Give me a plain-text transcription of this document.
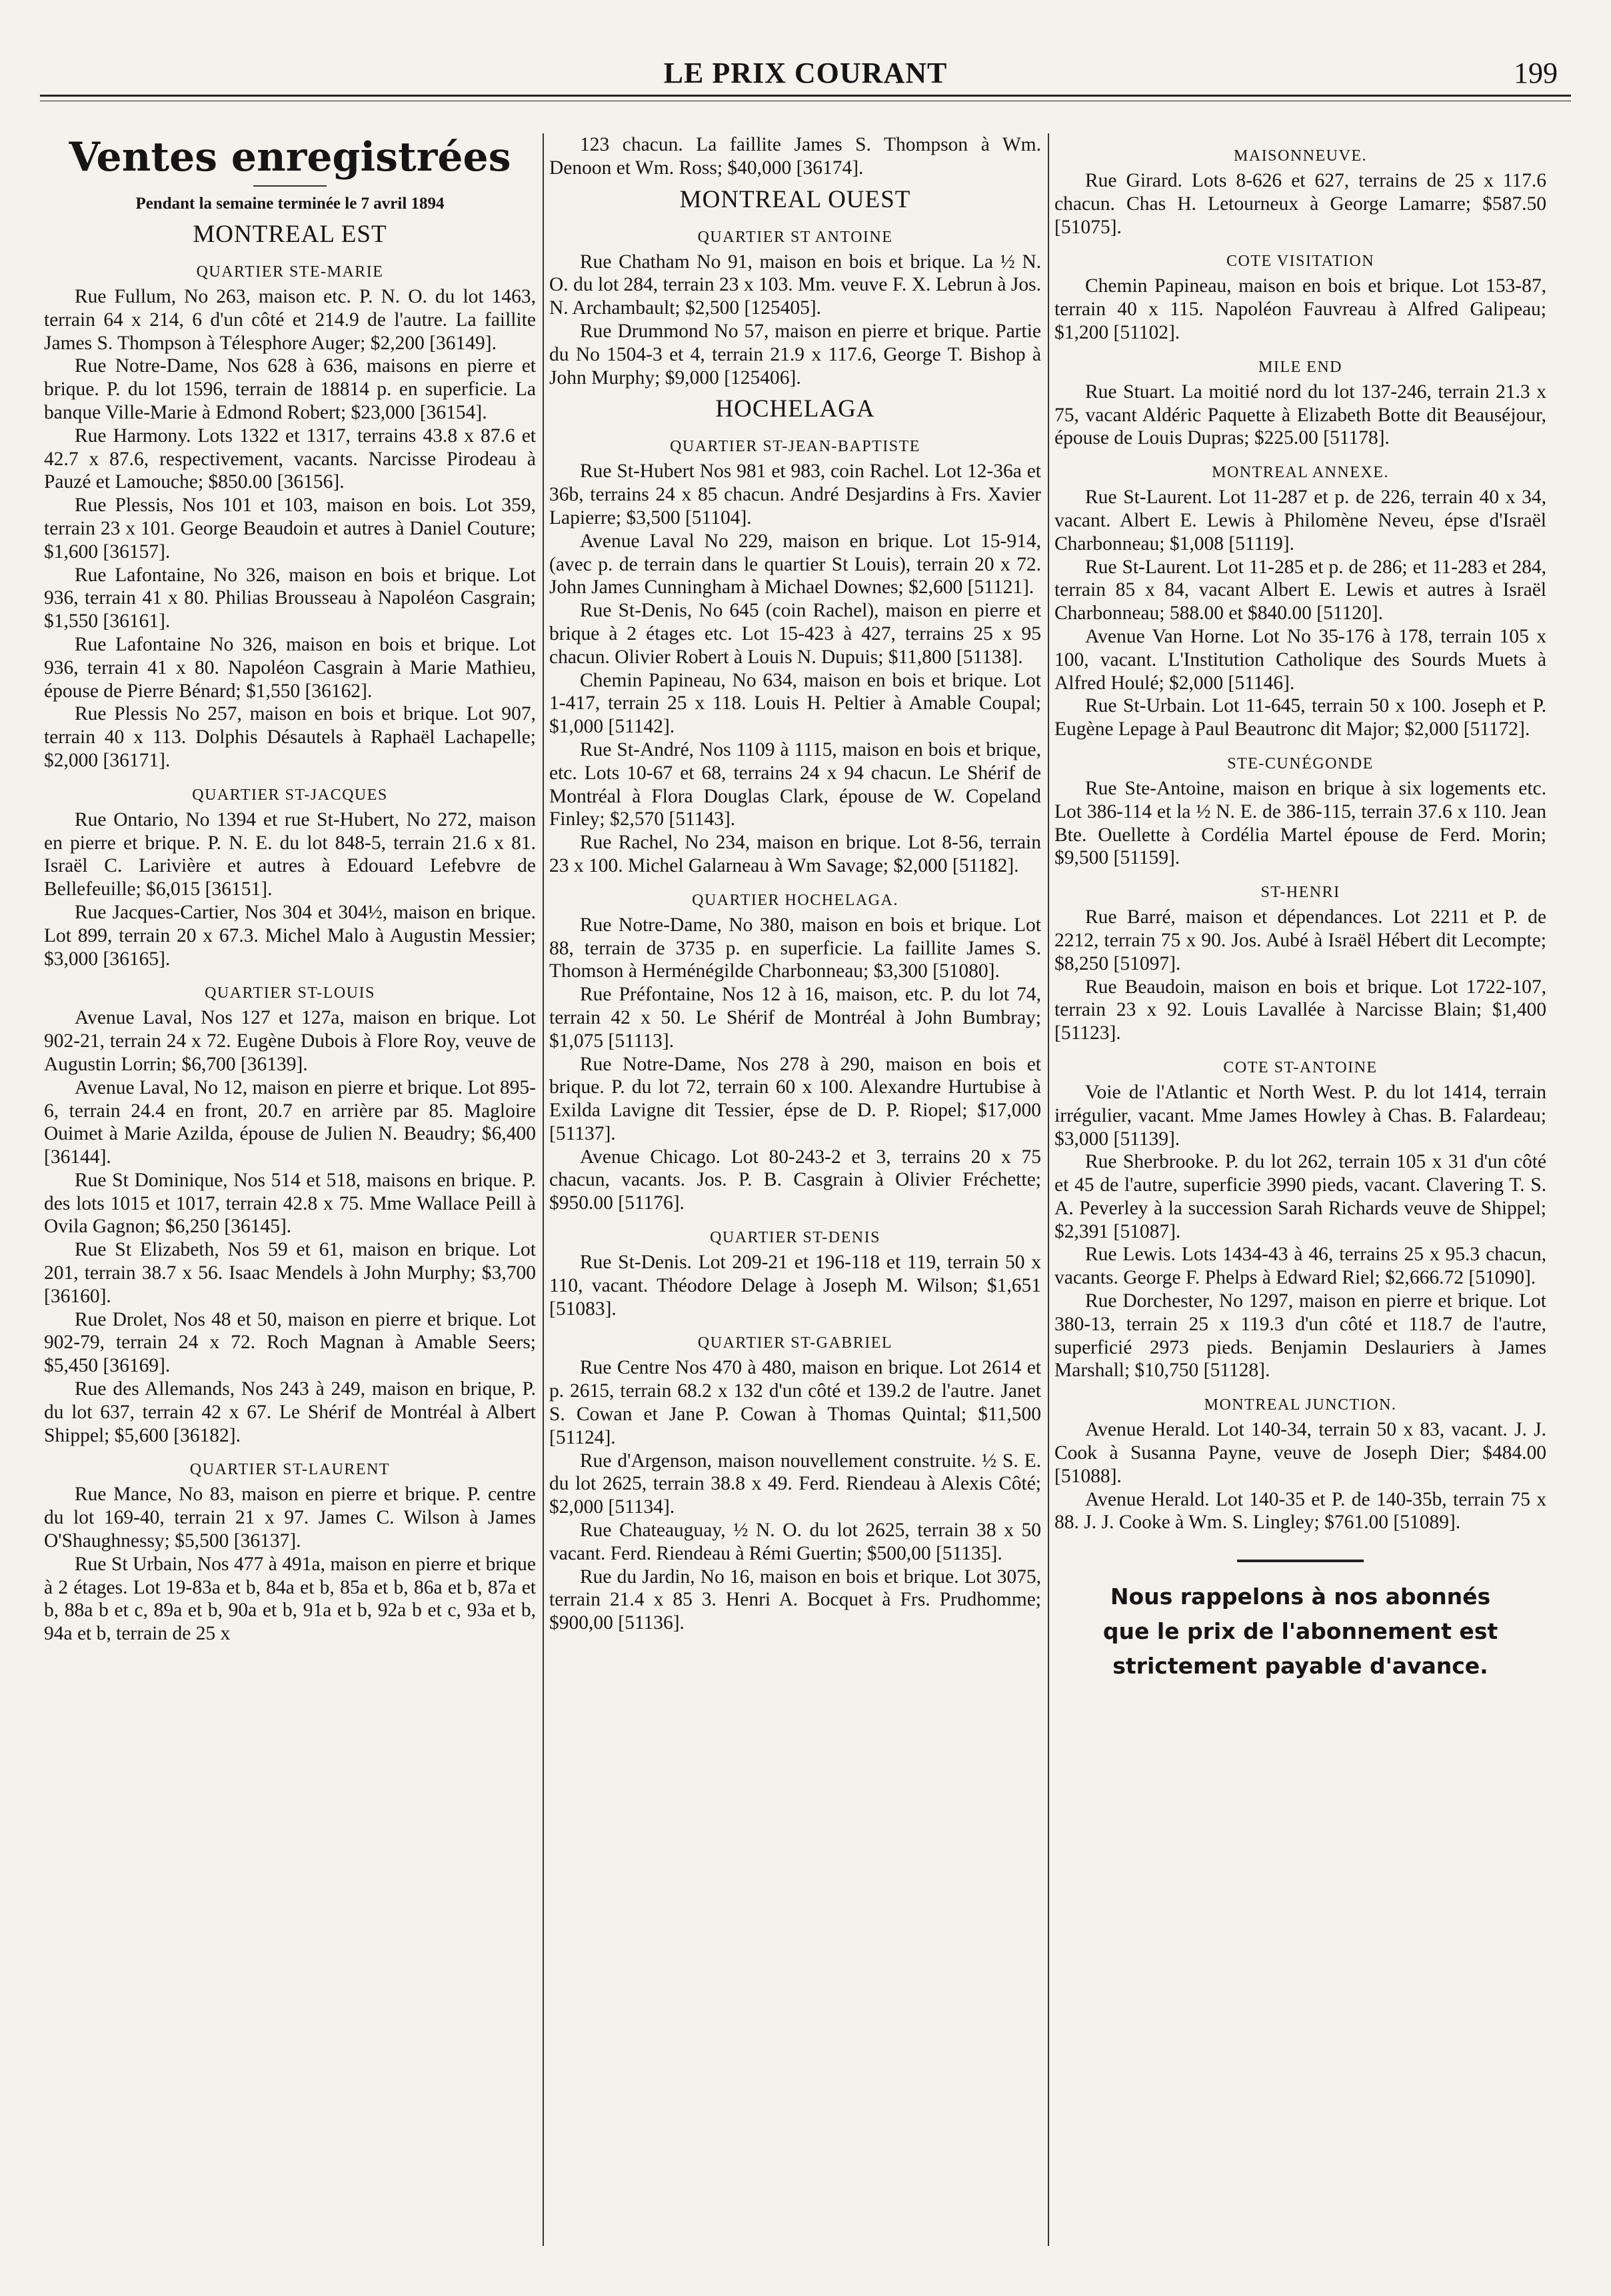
LE PRIX COURANT	199
Ventes enregistrées
Pendant la semaine terminée le 7 avril 1894
MONTREAL EST
QUARTIER STE-MARIE

Rue Fullum, No 263, maison etc. P. N. O. du lot 1463, terrain 64 x 214, 6 d'un côté et 214.9 de l'autre. La faillite James S. Thompson à Télesphore Auger; $2,200 [36149].

Rue Notre-Dame, Nos 628 à 636, maisons en pierre et brique. P. du lot 1596, terrain de 18814 p. en superficie. La banque Ville-Marie à Edmond Robert; $23,000 [36154].

Rue Harmony. Lots 1322 et 1317, terrains 43.8 x 87.6 et 42.7 x 87.6, respectivement, vacants. Narcisse Pirodeau à Pauzé et Lamouche; $850.00 [36156].

Rue Plessis, Nos 101 et 103, maison en bois. Lot 359, terrain 23 x 101. George Beaudoin et autres à Daniel Couture; $1,600 [36157].

Rue Lafontaine, No 326, maison en bois et brique. Lot 936, terrain 41 x 80. Philias Brousseau à Napoléon Casgrain; $1,550 [36161].

Rue Lafontaine No 326, maison en bois et brique. Lot 936, terrain 41 x 80. Napoléon Casgrain à Marie Mathieu, épouse de Pierre Bénard; $1,550 [36162].

Rue Plessis No 257, maison en bois et brique. Lot 907, terrain 40 x 113. Dolphis Désautels à Raphaël Lachapelle; $2,000 [36171].

QUARTIER ST-JACQUES

Rue Ontario, No 1394 et rue St-Hubert, No 272, maison en pierre et brique. P. N. E. du lot 848-5, terrain 21.6 x 81. Israël C. Larivière et autres à Edouard Lefebvre de Bellefeuille; $6,015 [36151].

Rue Jacques-Cartier, Nos 304 et 304½, maison en brique. Lot 899, terrain 20 x 67.3. Michel Malo à Augustin Messier; $3,000 [36165].

QUARTIER ST-LOUIS

Avenue Laval, Nos 127 et 127a, maison en brique. Lot 902-21, terrain 24 x 72. Eugène Dubois à Flore Roy, veuve de Augustin Lorrin; $6,700 [36139].

Avenue Laval, No 12, maison en pierre et brique. Lot 895-6, terrain 24.4 en front, 20.7 en arrière par 85. Magloire Ouimet à Marie Azilda, épouse de Julien N. Beaudry; $6,400 [36144].

Rue St Dominique, Nos 514 et 518, maisons en brique. P. des lots 1015 et 1017, terrain 42.8 x 75. Mme Wallace Peill à Ovila Gagnon; $6,250 [36145].

Rue St Elizabeth, Nos 59 et 61, maison en brique. Lot 201, terrain 38.7 x 56. Isaac Mendels à John Murphy; $3,700 [36160].

Rue Drolet, Nos 48 et 50, maison en pierre et brique. Lot 902-79, terrain 24 x 72. Roch Magnan à Amable Seers; $5,450 [36169].

Rue des Allemands, Nos 243 à 249, maison en brique, P. du lot 637, terrain 42 x 67. Le Shérif de Montréal à Albert Shippel; $5,600 [36182].

QUARTIER ST-LAURENT

Rue Mance, No 83, maison en pierre et brique. P. centre du lot 169-40, terrain 21 x 97. James C. Wilson à James O'Shaughnessy; $5,500 [36137].

Rue St Urbain, Nos 477 à 491a, maison en pierre et brique à 2 étages. Lot 19-83a et b, 84a et b, 85a et b, 86a et b, 87a et b, 88a b et c, 89a et b, 90a et b, 91a et b, 92a b et c, 93a et b, 94a et b, terrain de 25 x

123 chacun. La faillite James S. Thompson à Wm. Denoon et Wm. Ross; $40,000 [36174].

MONTREAL OUEST
QUARTIER ST ANTOINE

Rue Chatham No 91, maison en bois et brique. La ½ N. O. du lot 284, terrain 23 x 103. Mm. veuve F. X. Lebrun à Jos. N. Archambault; $2,500 [125405].

Rue Drummond No 57, maison en pierre et brique. Partie du No 1504-3 et 4, terrain 21.9 x 117.6, George T. Bishop à John Murphy; $9,000 [125406].

HOCHELAGA
QUARTIER ST-JEAN-BAPTISTE

Rue St-Hubert Nos 981 et 983, coin Rachel. Lot 12-36a et 36b, terrains 24 x 85 chacun. André Desjardins à Frs. Xavier Lapierre; $3,500 [51104].

Avenue Laval No 229, maison en brique. Lot 15-914, (avec p. de terrain dans le quartier St Louis), terrain 20 x 72. John James Cunningham à Michael Downes; $2,600 [51121].

Rue St-Denis, No 645 (coin Rachel), maison en pierre et brique à 2 étages etc. Lot 15-423 à 427, terrains 25 x 95 chacun. Olivier Robert à Louis N. Dupuis; $11,800 [51138].

Chemin Papineau, No 634, maison en bois et brique. Lot 1-417, terrain 25 x 118. Louis H. Peltier à Amable Coupal; $1,000 [51142].

Rue St-André, Nos 1109 à 1115, maison en bois et brique, etc. Lots 10-67 et 68, terrains 24 x 94 chacun. Le Shérif de Montréal à Flora Douglas Clark, épouse de W. Copeland Finley; $2,570 [51143].

Rue Rachel, No 234, maison en brique. Lot 8-56, terrain 23 x 100. Michel Galarneau à Wm Savage; $2,000 [51182].

QUARTIER HOCHELAGA.

Rue Notre-Dame, No 380, maison en bois et brique. Lot 88, terrain de 3735 p. en superficie. La faillite James S. Thomson à Herménégilde Charbonneau; $3,300 [51080].

Rue Préfontaine, Nos 12 à 16, maison, etc. P. du lot 74, terrain 42 x 50. Le Shérif de Montréal à John Bumbray; $1,075 [51113].

Rue Notre-Dame, Nos 278 à 290, maison en bois et brique. P. du lot 72, terrain 60 x 100. Alexandre Hurtubise à Exilda Lavigne dit Tessier, épse de D. P. Riopel; $17,000 [51137].

Avenue Chicago. Lot 80-243-2 et 3, terrains 20 x 75 chacun, vacants. Jos. P. B. Casgrain à Olivier Fréchette; $950.00 [51176].

QUARTIER ST-DENIS

Rue St-Denis. Lot 209-21 et 196-118 et 119, terrain 50 x 110, vacant. Théodore Delage à Joseph M. Wilson; $1,651 [51083].

QUARTIER ST-GABRIEL

Rue Centre Nos 470 à 480, maison en brique. Lot 2614 et p. 2615, terrain 68.2 x 132 d'un côté et 139.2 de l'autre. Janet S. Cowan et Jane P. Cowan à Thomas Quintal; $11,500 [51124].

Rue d'Argenson, maison nouvellement construite. ½ S. E. du lot 2625, terrain 38.8 x 49. Ferd. Riendeau à Alexis Côté; $2,000 [51134].

Rue Chateauguay, ½ N. O. du lot 2625, terrain 38 x 50 vacant. Ferd. Riendeau à Rémi Guertin; $500,00 [51135].

Rue du Jardin, No 16, maison en bois et brique. Lot 3075, terrain 21.4 x 85 3. Henri A. Bocquet à Frs. Prudhomme; $900,00 [51136].

MAISONNEUVE.

Rue Girard. Lots 8-626 et 627, terrains de 25 x 117.6 chacun. Chas H. Letourneux à George Lamarre; $587.50 [51075].

COTE VISITATION

Chemin Papineau, maison en bois et brique. Lot 153-87, terrain 40 x 115. Napoléon Fauvreau à Alfred Galipeau; $1,200 [51102].

MILE END

Rue Stuart. La moitié nord du lot 137-246, terrain 21.3 x 75, vacant Aldéric Paquette à Elizabeth Botte dit Beauséjour, épouse de Louis Dupras; $225.00 [51178].

MONTREAL ANNEXE.

Rue St-Laurent. Lot 11-287 et p. de 226, terrain 40 x 34, vacant. Albert E. Lewis à Philomène Neveu, épse d'Israël Charbonneau; $1,008 [51119].

Rue St-Laurent. Lot 11-285 et p. de 286; et 11-283 et 284, terrain 85 x 84, vacant Albert E. Lewis et autres à Israël Charbonneau; 588.00 et $840.00 [51120].

Avenue Van Horne. Lot No 35-176 à 178, terrain 105 x 100, vacant. L'Institution Catholique des Sourds Muets à Alfred Houlé; $2,000 [51146].

Rue St-Urbain. Lot 11-645, terrain 50 x 100. Joseph et P. Eugène Lepage à Paul Beautronc dit Major; $2,000 [51172].

STE-CUNÉGONDE

Rue Ste-Antoine, maison en brique à six logements etc. Lot 386-114 et la ½ N. E. de 386-115, terrain 37.6 x 110. Jean Bte. Ouellette à Cordélia Martel épouse de Ferd. Morin; $9,500 [51159].

ST-HENRI

Rue Barré, maison et dépendances. Lot 2211 et P. de 2212, terrain 75 x 90. Jos. Aubé à Israël Hébert dit Lecompte; $8,250 [51097].

Rue Beaudoin, maison en bois et brique. Lot 1722-107, terrain 23 x 92. Louis Lavallée à Narcisse Blain; $1,400 [51123].

COTE ST-ANTOINE

Voie de l'Atlantic et North West. P. du lot 1414, terrain irrégulier, vacant. Mme James Howley à Chas. B. Falardeau; $3,000 [51139].

Rue Sherbrooke. P. du lot 262, terrain 105 x 31 d'un côté et 45 de l'autre, superficie 3990 pieds, vacant. Clavering T. S. A. Peverley à la succession Sarah Richards veuve de Shippel; $2,391 [51087].

Rue Lewis. Lots 1434-43 à 46, terrains 25 x 95.3 chacun, vacants. George F. Phelps à Edward Riel; $2,666.72 [51090].

Rue Dorchester, No 1297, maison en pierre et brique. Lot 380-13, terrain 25 x 119.3 d'un côté et 118.7 de l'autre, superficié 2973 pieds. Benjamin Deslauriers à James Marshall; $10,750 [51128].

MONTREAL JUNCTION.

Avenue Herald. Lot 140-34, terrain 50 x 83, vacant. J. J. Cook à Susanna Payne, veuve de Joseph Dier; $484.00 [51088].

Avenue Herald. Lot 140-35 et P. de 140-35b, terrain 75 x 88. J. J. Cooke à Wm. S. Lingley; $761.00 [51089].

Nous rappelons à nos abonnés
que le prix de l'abonnement est
strictement payable d'avance.
